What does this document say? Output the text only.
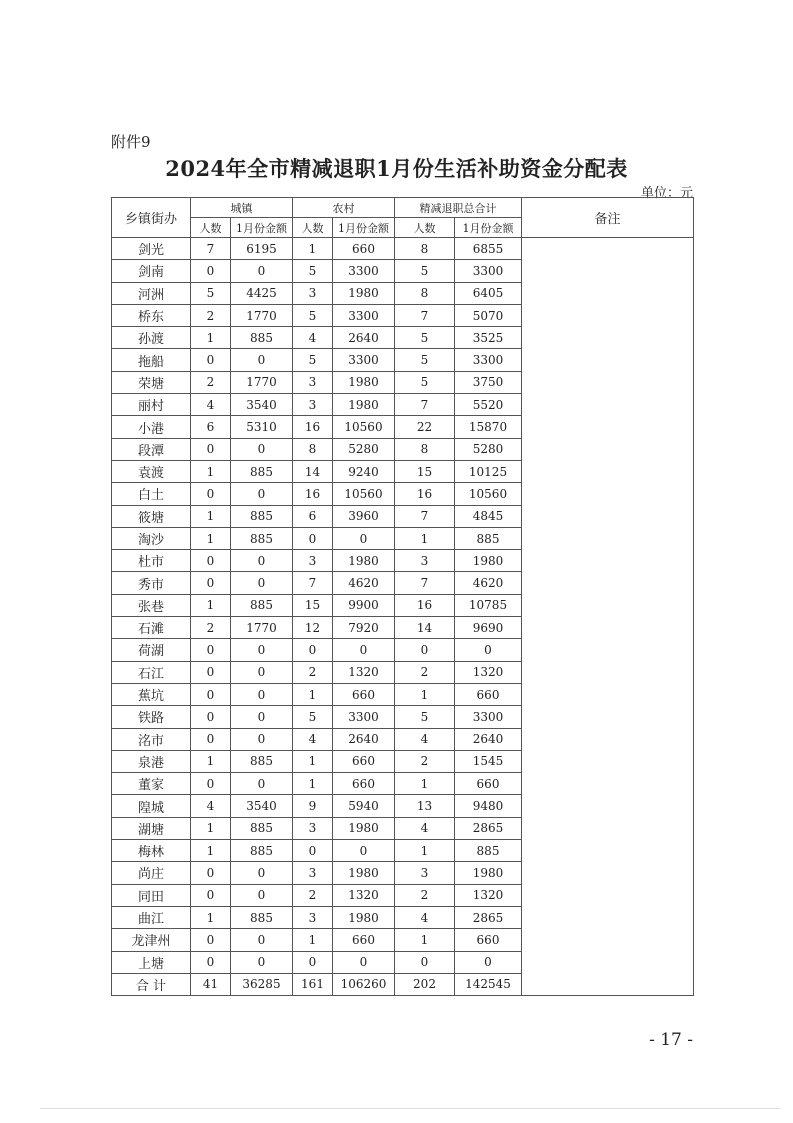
附件9
2024年全市精减退职1月份生活补助资金分配表
单位：元
乡镇街办	城镇		农村		精减退职总合计		备注
	人数	1月份金额	人数	1月份金额	人数	1月份金额	
剑光	7	6195	1	660	8	6855	
剑南	0	0	5	3300	5	3300	
河洲	5	4425	3	1980	8	6405	
桥东	2	1770	5	3300	7	5070	
孙渡	1	885	4	2640	5	3525	
拖船	0	0	5	3300	5	3300	
荣塘	2	1770	3	1980	5	3750	
丽村	4	3540	3	1980	7	5520	
小港	6	5310	16	10560	22	15870	
段潭	0	0	8	5280	8	5280	
袁渡	1	885	14	9240	15	10125	
白土	0	0	16	10560	16	10560	
筱塘	1	885	6	3960	7	4845	
淘沙	1	885	0	0	1	885	
杜市	0	0	3	1980	3	1980	
秀市	0	0	7	4620	7	4620	
张巷	1	885	15	9900	16	10785	
石滩	2	1770	12	7920	14	9690	
荷湖	0	0	0	0	0	0	
石江	0	0	2	1320	2	1320	
蕉坑	0	0	1	660	1	660	
铁路	0	0	5	3300	5	3300	
洺市	0	0	4	2640	4	2640	
泉港	1	885	1	660	2	1545	
董家	0	0	1	660	1	660	
隍城	4	3540	9	5940	13	9480	
湖塘	1	885	3	1980	4	2865	
梅林	1	885	0	0	1	885	
尚庄	0	0	3	1980	3	1980	
同田	0	0	2	1320	2	1320	
曲江	1	885	3	1980	4	2865	
龙津州	0	0	1	660	1	660	
上塘	0	0	0	0	0	0	
合 计	41	36285	161	106260	202	142545	
- 17 -
